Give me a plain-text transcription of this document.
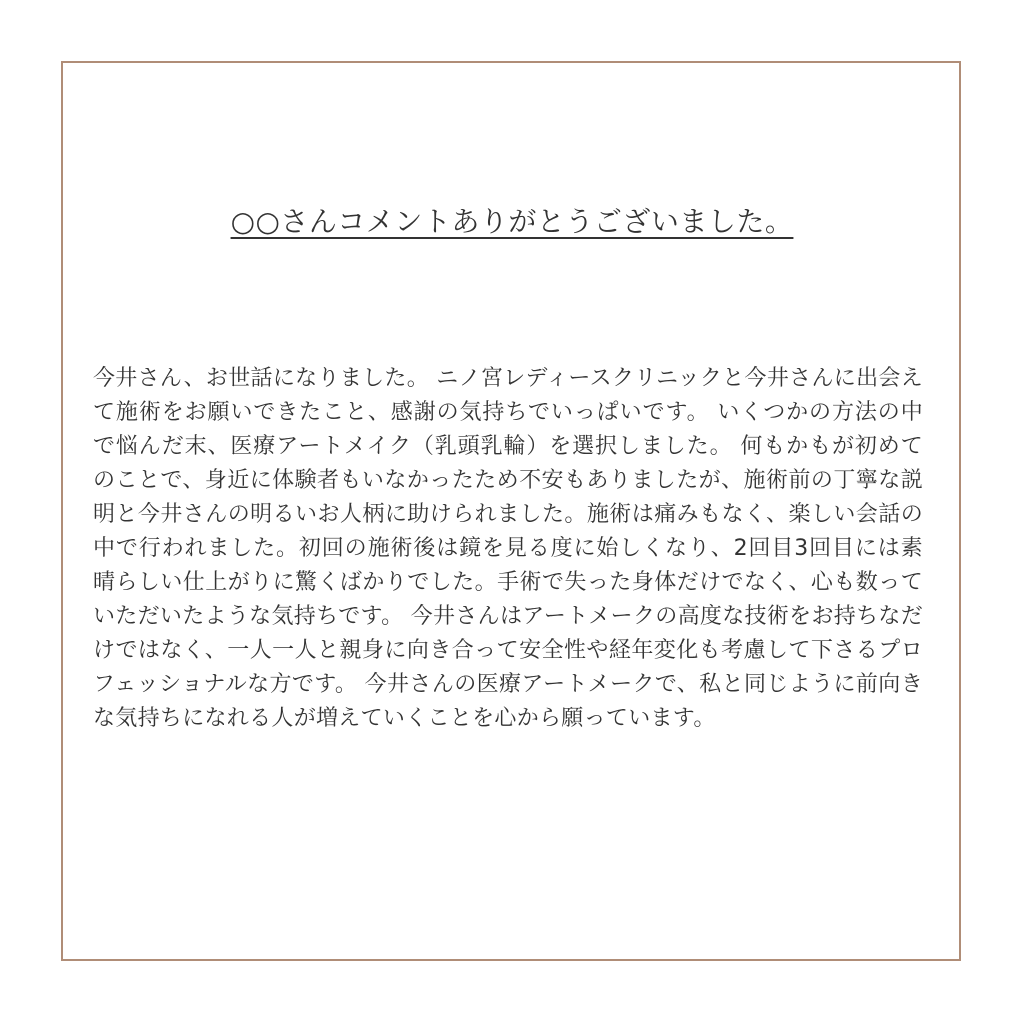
○○さんコメントありがとうございました。
今井さん、お世話になりました。 ニノ宮レディースクリニックと今井さんに出会えて施術をお願いできたこと、感謝の気持ちでいっぱいです。 いくつかの方法の中で悩んだ末、医療アートメイク（乳頭乳輪）を選択しました。 何もかもが初めてのことで、身近に体験者もいなかったため不安もありましたが、施術前の丁寧な説明と今井さんの明るいお人柄に助けられました。施術は痛みもなく、楽しい会話の中で行われました。初回の施術後は鏡を見る度に始しくなり、2回目3回目には素晴らしい仕上がりに驚くばかりでした。手術で失った身体だけでなく、心も数っていただいたような気持ちです。 今井さんはアートメークの高度な技術をお持ちなだけではなく、一人一人と親身に向き合って安全性や経年変化も考慮して下さるプロフェッショナルな方です。 今井さんの医療アートメークで、私と同じように前向きな気持ちになれる人が増えていくことを心から願っています。
